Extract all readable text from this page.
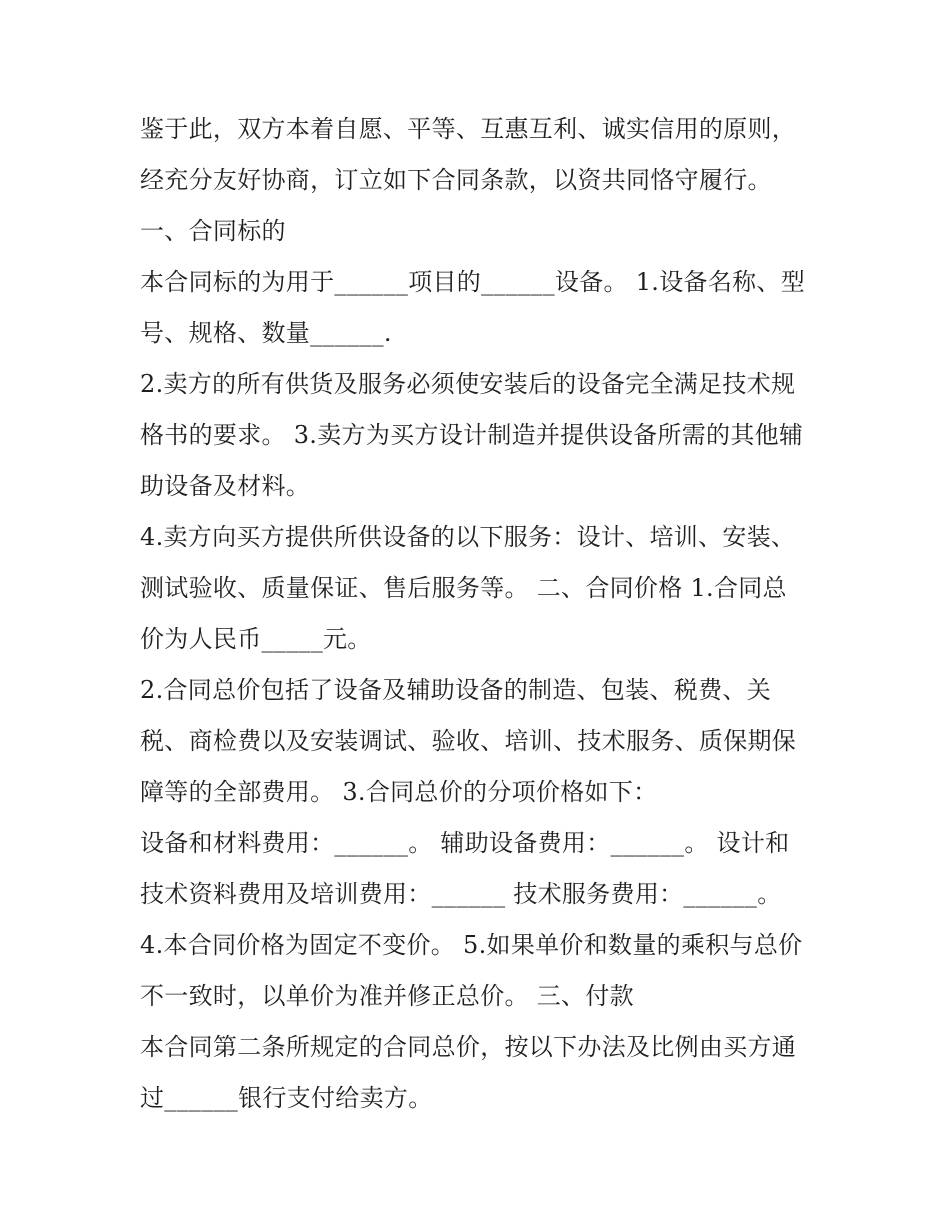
鉴于此，双方本着自愿、平等、互惠互利、诚实信用的原则，
经充分友好协商，订立如下合同条款，以资共同恪守履行。
一、合同标的
本合同标的为用于______项目的______设备。 1.设备名称、型
号、规格、数量______.
2.卖方的所有供货及服务必须使安装后的设备完全满足技术规
格书的要求。 3.卖方为买方设计制造并提供设备所需的其他辅
助设备及材料。
4.卖方向买方提供所供设备的以下服务：设计、培训、安装、
测试验收、质量保证、售后服务等。 二、合同价格 1.合同总
价为人民币_____元。
2.合同总价包括了设备及辅助设备的制造、包装、税费、关
税、商检费以及安装调试、验收、培训、技术服务、质保期保
障等的全部费用。 3.合同总价的分项价格如下：
设备和材料费用：______。 辅助设备费用：______。 设计和
技术资料费用及培训费用：______ 技术服务费用：______。
4.本合同价格为固定不变价。 5.如果单价和数量的乘积与总价
不一致时，以单价为准并修正总价。 三、付款
本合同第二条所规定的合同总价，按以下办法及比例由买方通
过______银行支付给卖方。
